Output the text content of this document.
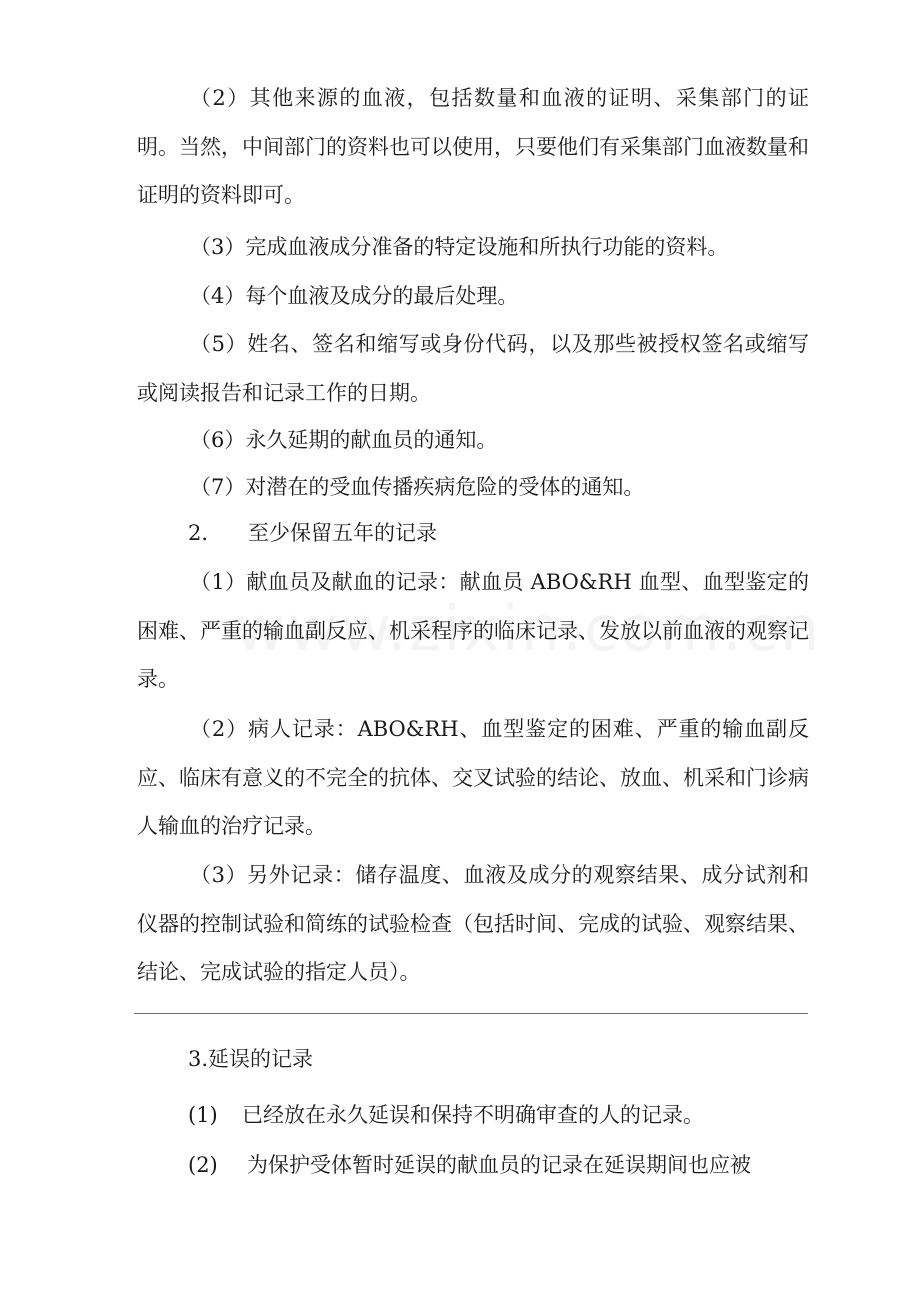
（2）其他来源的血液，包括数量和血液的证明、采集部门的证明。当然，中间部门的资料也可以使用，只要他们有采集部门血液数量和证明的资料即可。

（3）完成血液成分准备的特定设施和所执行功能的资料。

（4）每个血液及成分的最后处理。

（5）姓名、签名和缩写或身份代码，以及那些被授权签名或缩写或阅读报告和记录工作的日期。

（6）永久延期的献血员的通知。

（7）对潜在的受血传播疾病危险的受体的通知。

2. 至少保留五年的记录

（1）献血员及献血的记录：献血员 ABO&RH 血型、血型鉴定的困难、严重的输血副反应、机采程序的临床记录、发放以前血液的观察记录。

（2）病人记录：ABO&RH、血型鉴定的困难、严重的输血副反应、临床有意义的不完全的抗体、交叉试验的结论、放血、机采和门诊病人输血的治疗记录。

（3）另外记录：储存温度、血液及成分的观察结果、成分试剂和仪器的控制试验和简练的试验检查（包括时间、完成的试验、观察结果、结论、完成试验的指定人员）。

3.延误的记录
(1) 已经放在永久延误和保持不明确审查的人的记录。
(2) 为保护受体暂时延误的献血员的记录在延误期间也应被
